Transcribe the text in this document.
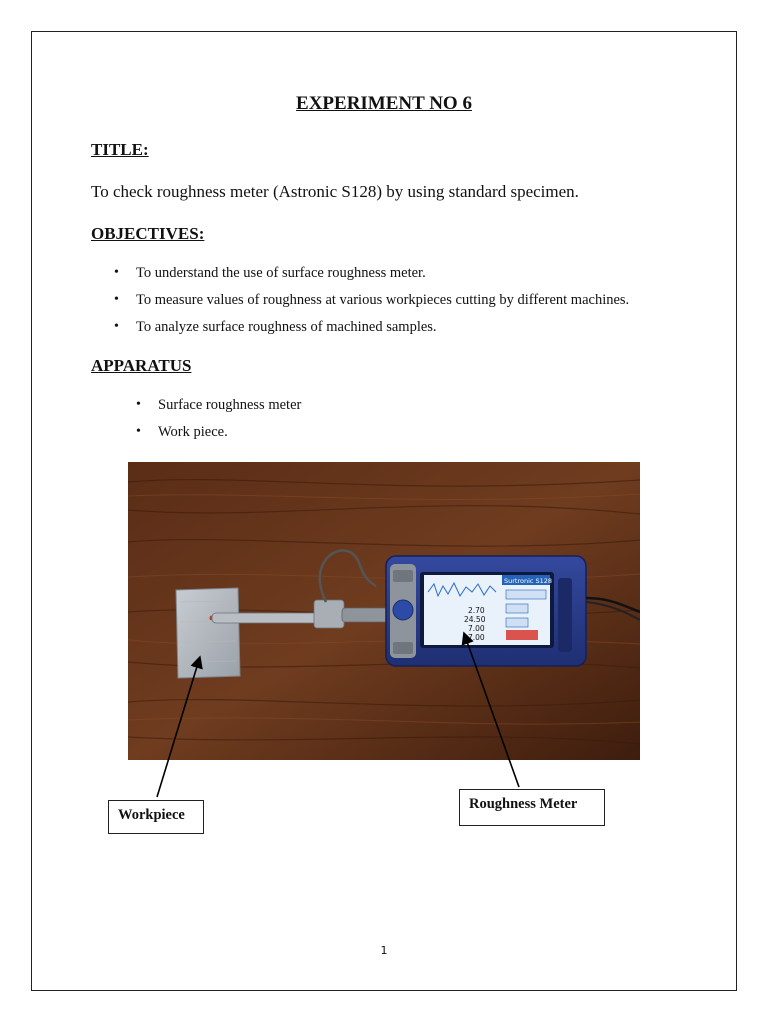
EXPERIMENT NO 6
TITLE:
To check roughness meter (Astronic S128) by using standard specimen.
OBJECTIVES:
• To understand the use of surface roughness meter.
• To measure values of roughness at various workpieces cutting by different machines.
• To analyze surface roughness of machined samples.
APPARATUS
• Surface roughness meter
• Work piece.
Surtronic S128
2.70
24.50
7.00
7.00
Workpiece
Roughness Meter
1
